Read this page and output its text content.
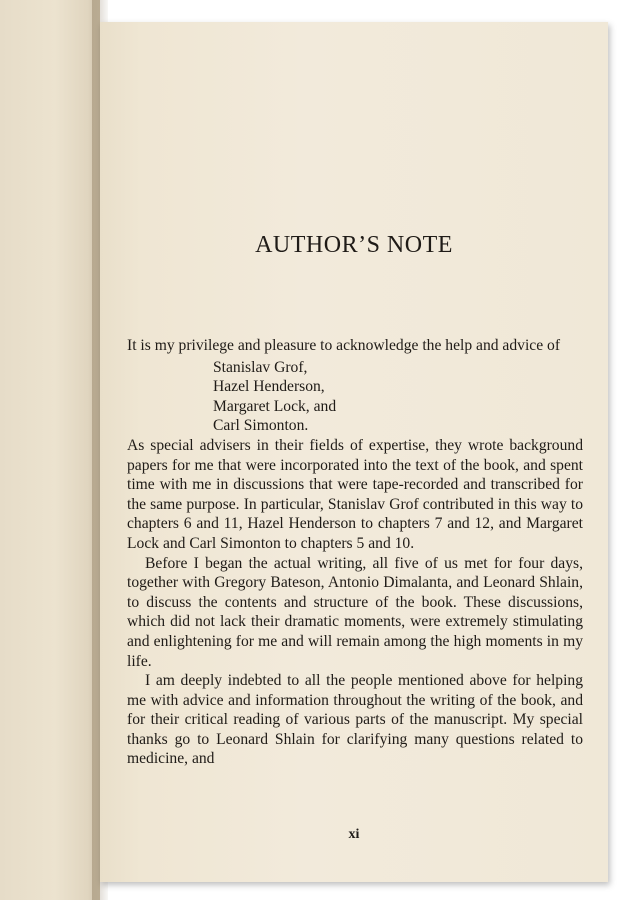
AUTHOR’S NOTE

It is my privilege and pleasure to acknowledge the help and advice of

Stanislav Grof,
Hazel Henderson,
Margaret Lock, and
Carl Simonton.

As special advisers in their fields of expertise, they wrote background papers for me that were incorporated into the text of the book, and spent time with me in discussions that were tape-recorded and transcribed for the same purpose. In particular, Stanislav Grof contributed in this way to chapters 6 and 11, Hazel Henderson to chapters 7 and 12, and Margaret Lock and Carl Simonton to chapters 5 and 10.

Before I began the actual writing, all five of us met for four days, together with Gregory Bateson, Antonio Dimalanta, and Leonard Shlain, to discuss the contents and structure of the book. These discussions, which did not lack their dramatic moments, were extremely stimulating and enlightening for me and will remain among the high moments in my life.

I am deeply indebted to all the people mentioned above for helping me with advice and information throughout the writing of the book, and for their critical reading of various parts of the manuscript. My special thanks go to Leonard Shlain for clarifying many questions related to medicine, and

xi
